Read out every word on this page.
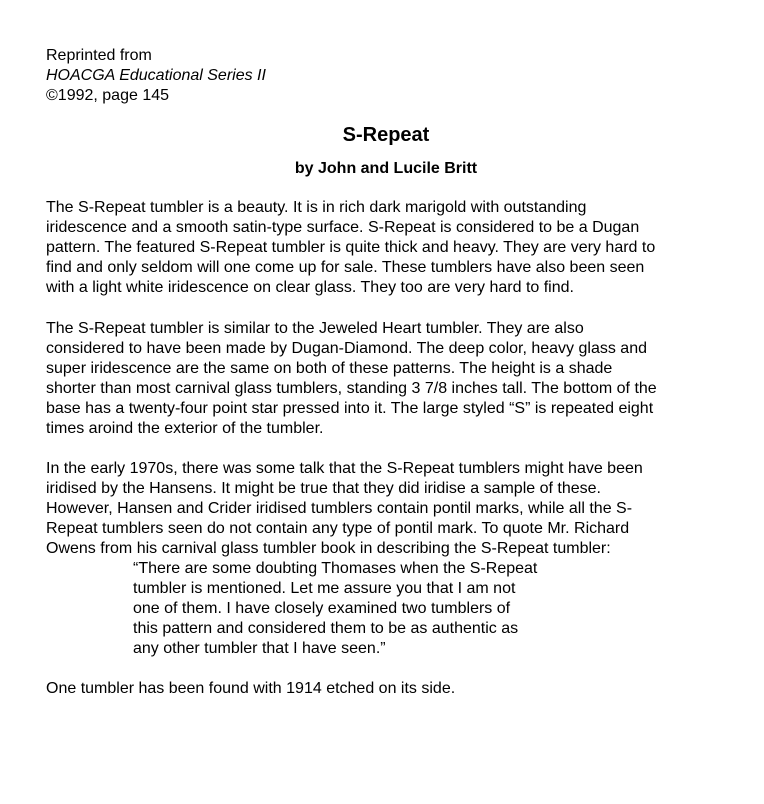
Reprinted from
HOACGA Educational Series II
©1992, page 145

S-Repeat
by John and Lucile Britt

The S-Repeat tumbler is a beauty. It is in rich dark marigold with outstanding
iridescence and a smooth satin-type surface. S-Repeat is considered to be a Dugan
pattern. The featured S-Repeat tumbler is quite thick and heavy. They are very hard to
find and only seldom will one come up for sale. These tumblers have also been seen
with a light white iridescence on clear glass. They too are very hard to find.

The S-Repeat tumbler is similar to the Jeweled Heart tumbler. They are also
considered to have been made by Dugan-Diamond. The deep color, heavy glass and
super iridescence are the same on both of these patterns. The height is a shade
shorter than most carnival glass tumblers, standing 3 7/8 inches tall. The bottom of the
base has a twenty-four point star pressed into it. The large styled “S” is repeated eight
times aroind the exterior of the tumbler.

In the early 1970s, there was some talk that the S-Repeat tumblers might have been
iridised by the Hansens. It might be true that they did iridise a sample of these.
However, Hansen and Crider iridised tumblers contain pontil marks, while all the S-
Repeat tumblers seen do not contain any type of pontil mark. To quote Mr. Richard
Owens from his carnival glass tumbler book in describing the S-Repeat tumbler:

“There are some doubting Thomases when the S-Repeat
tumbler is mentioned. Let me assure you that I am not
one of them. I have closely examined two tumblers of
this pattern and considered them to be as authentic as
any other tumbler that I have seen.”

One tumbler has been found with 1914 etched on its side.
